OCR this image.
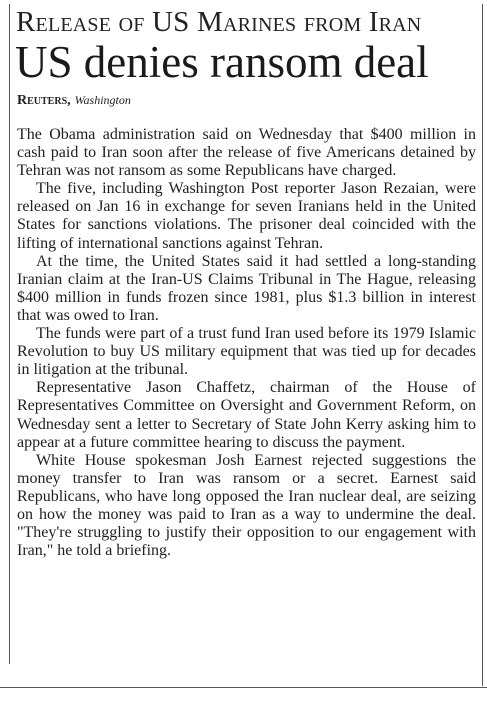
Release of US Marines from Iran
US denies ransom deal
Reuters, Washington

The Obama administration said on Wednesday that $400 million in cash paid to Iran soon after the release of five Americans detained by Tehran was not ransom as some Republicans have charged.

The five, including Washington Post reporter Jason Rezaian, were released on Jan 16 in exchange for seven Iranians held in the United States for sanctions violations. The prisoner deal coincided with the lifting of international sanctions against Tehran.

At the time, the United States said it had settled a long-standing Iranian claim at the Iran-US Claims Tribunal in The Hague, releasing $400 million in funds frozen since 1981, plus $1.3 billion in interest that was owed to Iran.

The funds were part of a trust fund Iran used before its 1979 Islamic Revolution to buy US military equipment that was tied up for decades in litigation at the tribunal.

Representative Jason Chaffetz, chairman of the House of Representatives Committee on Oversight and Government Reform, on Wednesday sent a letter to Secretary of State John Kerry asking him to appear at a future committee hearing to discuss the payment.

White House spokesman Josh Earnest rejected suggestions the money transfer to Iran was ransom or a secret. Earnest said Republicans, who have long opposed the Iran nuclear deal, are seizing on how the money was paid to Iran as a way to undermine the deal. "They're struggling to justify their opposition to our engagement with Iran," he told a briefing.
